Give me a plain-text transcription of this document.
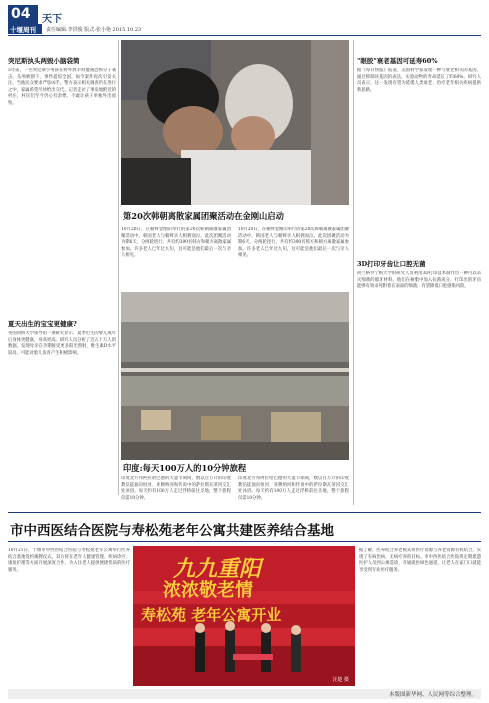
04 天下
十堰周刊 责任编辑:李洪俊 版式:张小艳 2015.10.23
突尼斯执头两毁小脑袋简
5年前，一名突尼斯小男孩在野外放羊时遭遇恐怖分子袭击，头颅被割下，事件震惊全国。如今案件再次引发关注，当地民众要求严惩凶手。警方表示相关调查仍在进行之中，家属希望尽快给出交代。记者走访了事发地附近的村庄，村民们至今仍心有余悸，不敢让孩子单独外出放牧。
夏天出生的宝宝更健康?
英国剑桥大学领导的一项研究显示，夏季出生的婴儿成年后身体更健康，身高更高。研究人员分析了近五十万人的数据，发现母亲在孕期接受更多阳光照射，维生素D水平较高，可能对胎儿发育产生积极影响。
第20次韩朝离散家属团聚活动在金刚山启动
10月20日，在朝鲜金刚山举行的第20次韩朝离散家属团聚活动中，韩国老人与朝鲜亲人相拥而泣。此次团聚活动为期6天，分两轮进行，共有约390名韩方和朝方离散家属参加。许多老人已年过九旬，这可能是他们最后一次与亲人相见。
10月20日，在朝鲜金刚山举行的第20次韩朝离散家属团聚活动中，韩国老人与朝鲜亲人相拥而泣。此次团聚活动为期6天，分两轮进行，共有约390名韩方和朝方离散家属参加。许多老人已年过九旬，这可能是他们最后一次与亲人相见。
印度:每天100万人的10分钟旅程
印度北方邦阿拉哈巴德的大壶节期间，数以百万计的印度教信徒涌向恒河、亚穆纳河和传说中的萨拉斯瓦蒂河交汇处沐浴。每天约有100万人走过浮桥前往圣地，整个旅程仅需10分钟。
印度北方邦阿拉哈巴德的大壶节期间，数以百万计的印度教信徒涌向恒河、亚穆纳河和传说中的萨拉斯瓦蒂河交汇处沐浴。每天约有100万人走过浮桥前往圣地，整个旅程仅需10分钟。
"眼胶"衰老基因可延寿60%
据《每日快报》报道，美国科学家发现一种与衰老相关的基因，通过抑制该基因的表达，实验动物的寿命延长了约60%。研究人员表示，这一发现有望为延缓人类衰老、治疗老年相关疾病提供新思路。
3D打印牙齿让口腔无菌
荷兰格罗宁根大学的研究人员利用3D打印技术制作出一种可以杀灭细菌的假牙材料。他们在树脂中加入抗菌成分，打印出的牙齿能够有效杀死附着在表面的细菌，有望降低口腔感染风险。
市中西医结合医院与寿松苑老年公寓共建医养结合基地
10月21日，十堰市中西医结合医院与寿松苑老年公寓举行医养结合基地签约揭牌仪式。双方将在老年人健康管理、疾病诊疗、康复护理等方面开展深度合作，为入住老人提供便捷优质的医疗服务。	九九重阳
浓浓敬老情
寿松苑 老年公寓开业
汪楚 摄
据了解，医养结合养老模式将医疗资源与养老资源有机结合，实现了有病治病、无病疗养的目标。市中西医结合医院将定期派遣医护人员到公寓巡诊，开通就医绿色通道，让老人在家门口就能享受到专业医疗服务。
本版图新华网、人民网等综合整理。
